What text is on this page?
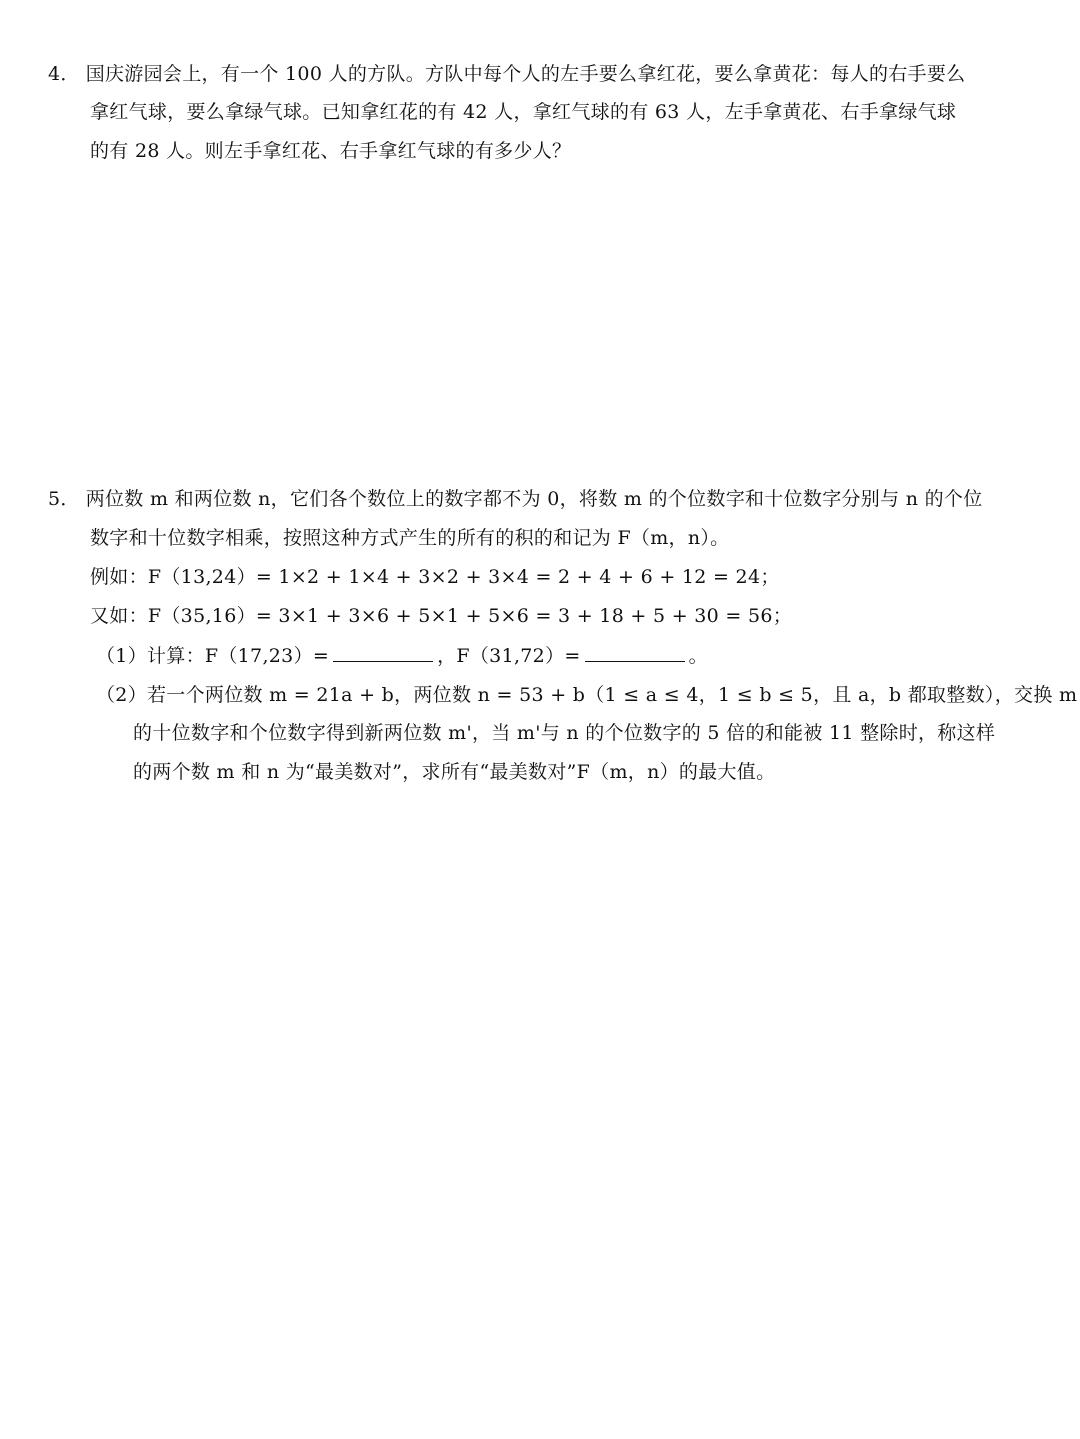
4． 国庆游园会上，有一个 100 人的方队。方队中每个人的左手要么拿红花，要么拿黄花：每人的右手要么
拿红气球，要么拿绿气球。已知拿红花的有 42 人，拿红气球的有 63 人，左手拿黄花、右手拿绿气球
的有 28 人。则左手拿红花、右手拿红气球的有多少人？
5． 两位数 m 和两位数 n，它们各个数位上的数字都不为 0，将数 m 的个位数字和十位数字分别与 n 的个位
数字和十位数字相乘，按照这种方式产生的所有的积的和记为 F（m，n）。
例如：F（13,24）= 1×2 + 1×4 + 3×2 + 3×4 = 2 + 4 + 6 + 12 = 24；
又如：F（35,16）= 3×1 + 3×6 + 5×1 + 5×6 = 3 + 18 + 5 + 30 = 56；
（1）计算：F（17,23）=	，F（31,72）=	。
（2）若一个两位数 m = 21a + b，两位数 n = 53 + b（1 ≤ a ≤ 4，1 ≤ b ≤ 5，且 a，b 都取整数），交换 m
的十位数字和个位数字得到新两位数 m'，当 m'与 n 的个位数字的 5 倍的和能被 11 整除时，称这样
的两个数 m 和 n 为“最美数对”，求所有“最美数对”F（m，n）的最大值。
